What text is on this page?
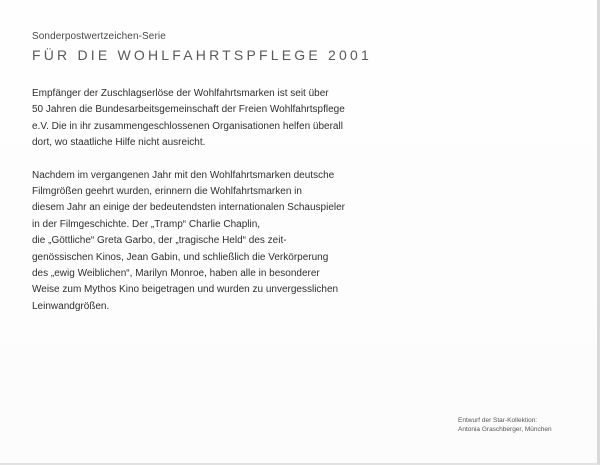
Sonderpostwertzeichen-Serie
FÜR DIE WOHLFAHRTSPFLEGE 2001

Empfänger der Zuschlagserlöse der Wohlfahrtsmarken ist seit über
50 Jahren die Bundesarbeitsgemeinschaft der Freien Wohlfahrtspflege
e.V. Die in ihr zusammengeschlossenen Organisationen helfen überall
dort, wo staatliche Hilfe nicht ausreicht.

Nachdem im vergangenen Jahr mit den Wohlfahrtsmarken deutsche
Filmgrößen geehrt wurden, erinnern die Wohlfahrtsmarken in
diesem Jahr an einige der bedeutendsten internationalen Schauspieler
in der Filmgeschichte. Der „Tramp“ Charlie Chaplin,
die „Göttliche“ Greta Garbo, der „tragische Held“ des zeit-
genössischen Kinos, Jean Gabin, und schließlich die Verkörperung
des „ewig Weiblichen“, Marilyn Monroe, haben alle in besonderer
Weise zum Mythos Kino beigetragen und wurden zu unvergesslichen
Leinwandgrößen.

Entwurf der Star-Kollektion:
Antonia Graschberger, München
